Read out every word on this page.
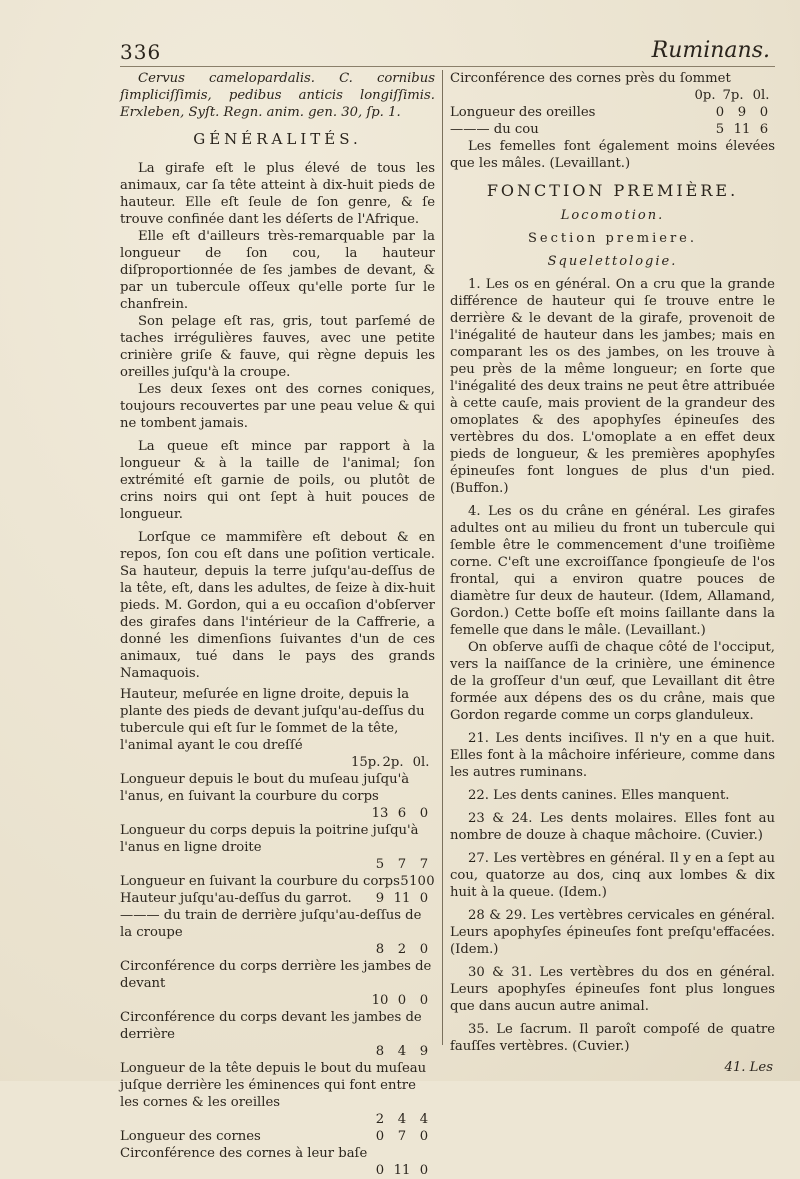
336	Ruminans.

Cervus camelopardalis. C. cornibus ſimpliciſſimis, pedibus anticis longiſſimis. Erxleben, Syſt. Regn. anim. gen. 30, ſp. 1.

GÉNÉRALITÉS.

La girafe eſt le plus élevé de tous les animaux, car ſa tête atteint à dix-huit pieds de hauteur. Elle eſt ſeule de ſon genre, & ſe trouve confinée dant les déſerts de l'Afrique.

Elle eſt d'ailleurs très-remarquable par la longueur de ſon cou, la hauteur diſproportionnée de ſes jambes de devant, & par un tubercule oſſeux qu'elle porte ſur le chanfrein.

Son pelage eſt ras, gris, tout parſemé de taches irrégulières fauves, avec une petite crinière griſe & fauve, qui règne depuis les oreilles juſqu'à la croupe.

Les deux ſexes ont des cornes coniques, toujours recouvertes par une peau velue & qui ne tombent jamais.

La queue eſt mince par rapport à la longueur & à la taille de l'animal; ſon extrémité eſt garnie de poils, ou plutôt de crins noirs qui ont ſept à huit pouces de longueur.

Lorſque ce mammifère eſt debout & en repos, ſon cou eſt dans une poſition verticale. Sa hauteur, depuis la terre juſqu'au-deſſus de la tête, eſt, dans les adultes, de ſeize à dix-huit pieds. M. Gordon, qui a eu occaſion d'obſerver des girafes dans l'intérieur de la Caffrerie, a donné les dimenſions ſuivantes d'un de ces animaux, tué dans le pays des grands Namaquois.

Hauteur, meſurée en ligne droite, depuis la plante des pieds de devant juſqu'au-deſſus du tubercule qui eſt ſur le ſommet de la tête, l'animal ayant le cou dreſſé
15p. 2p. 0l.
Longueur depuis le bout du muſeau juſqu'à l'anus, en ſuivant la courbure du corps
13 6	0
Longueur du corps depuis la poitrine juſqu'à l'anus en ligne droite
5	7	7
Longueur en ſuivant la courbure du corps 5 10 0
Hauteur juſqu'au-deſſus du garrot.	9 11 0
——— du train de derrière juſqu'au-deſſus de la croupe
8	2	0
Circonférence du corps derrière les jambes de devant
10 0	0
Circonférence du corps devant les jambes de derrière
8	4	9
Longueur de la tête depuis le bout du muſeau juſque derrière les éminences qui font entre les cornes & les oreilles
2	4	4
Longueur des cornes	0	7	0
Circonférence des cornes à leur baſe
0 11 0
Circonférence des cornes près du ſommet
0p. 7p. 0l.
Longueur des oreilles	0	9	0
——— du cou	5 11 6

Les femelles font également moins élevées que les mâles. (Levaillant.)

FONCTION PREMIÈRE.
Locomotion.
Section premiere.
Squelettologie.

1. Les os en général. On a cru que la grande différence de hauteur qui ſe trouve entre le derrière & le devant de la girafe, provenoit de l'inégalité de hauteur dans les jambes; mais en comparant les os des jambes, on les trouve à peu près de la même longueur; en ſorte que l'inégalité des deux trains ne peut être attribuée à cette cauſe, mais provient de la grandeur des omoplates & des apophyſes épineuſes des vertèbres du dos. L'omoplate a en effet deux pieds de longueur, & les premières apophyſes épineuſes font longues de plus d'un pied. (Buffon.)

4. Les os du crâne en général. Les girafes adultes ont au milieu du front un tubercule qui ſemble être le commencement d'une troiſième corne. C'eſt une excroiſſance ſpongieuſe de l'os frontal, qui a environ quatre pouces de diamètre ſur deux de hauteur. (Idem, Allamand, Gordon.) Cette boſſe eſt moins ſaillante dans la femelle que dans le mâle. (Levaillant.)

On obſerve auſſi de chaque côté de l'occiput, vers la naiſſance de la crinière, une éminence de la groſſeur d'un œuf, que Levaillant dit être formée aux dépens des os du crâne, mais que Gordon regarde comme un corps glanduleux.

21. Les dents inciſives. Il n'y en a que huit. Elles font à la mâchoire inférieure, comme dans les autres ruminans.

22. Les dents canines. Elles manquent.

23 & 24. Les dents molaires. Elles font au nombre de douze à chaque mâchoire. (Cuvier.)

27. Les vertèbres en général. Il y en a ſept au cou, quatorze au dos, cinq aux lombes & dix huit à la queue. (Idem.)

28 & 29. Les vertèbres cervicales en général. Leurs apophyſes épineuſes font preſqu'effacées. (Idem.)

30 & 31. Les vertèbres du dos en général. Leurs apophyſes épineuſes font plus longues que dans aucun autre animal.

35. Le ſacrum. Il paroît compoſé de quatre fauſſes vertèbres. (Cuvier.)

41. Les
